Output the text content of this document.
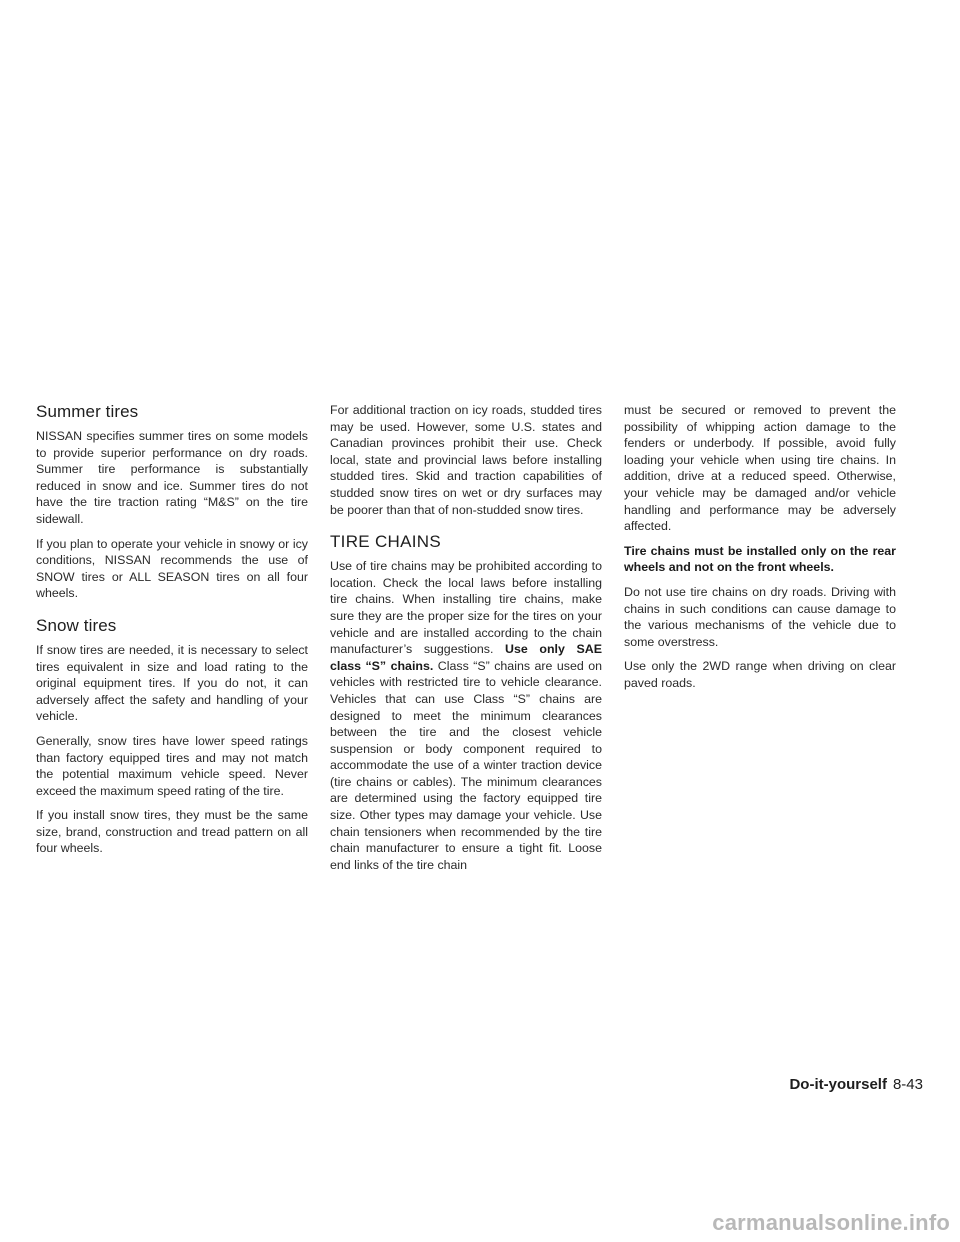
Summer tires

NISSAN specifies summer tires on some models to provide superior performance on dry roads. Summer tire performance is substantially reduced in snow and ice. Summer tires do not have the tire traction rating “M&S” on the tire sidewall.

If you plan to operate your vehicle in snowy or icy conditions, NISSAN recommends the use of SNOW tires or ALL SEASON tires on all four wheels.

Snow tires

If snow tires are needed, it is necessary to select tires equivalent in size and load rating to the original equipment tires. If you do not, it can adversely affect the safety and handling of your vehicle.

Generally, snow tires have lower speed ratings than factory equipped tires and may not match the potential maximum vehicle speed. Never exceed the maximum speed rating of the tire.

If you install snow tires, they must be the same size, brand, construction and tread pattern on all four wheels.

For additional traction on icy roads, studded tires may be used. However, some U.S. states and Canadian provinces prohibit their use. Check local, state and provincial laws before installing studded tires. Skid and traction capabilities of studded snow tires on wet or dry surfaces may be poorer than that of non-studded snow tires.

TIRE CHAINS

Use of tire chains may be prohibited according to location. Check the local laws before installing tire chains. When installing tire chains, make sure they are the proper size for the tires on your vehicle and are installed according to the chain manufacturer’s suggestions. Use only SAE class “S” chains. Class “S” chains are used on vehicles with restricted tire to vehicle clearance. Vehicles that can use Class “S” chains are designed to meet the minimum clearances between the tire and the closest vehicle suspension or body component required to accommodate the use of a winter traction device (tire chains or cables). The minimum clearances are determined using the factory equipped tire size. Other types may damage your vehicle. Use chain tensioners when recommended by the tire chain manufacturer to ensure a tight fit. Loose end links of the tire chain

must be secured or removed to prevent the possibility of whipping action damage to the fenders or underbody. If possible, avoid fully loading your vehicle when using tire chains. In addition, drive at a reduced speed. Otherwise, your vehicle may be damaged and/or vehicle handling and performance may be adversely affected.

Tire chains must be installed only on the rear wheels and not on the front wheels.

Do not use tire chains on dry roads. Driving with chains in such conditions can cause damage to the various mechanisms of the vehicle due to some overstress.

Use only the 2WD range when driving on clear paved roads.

Do-it-yourself 8-43
carmanualsonline.info
